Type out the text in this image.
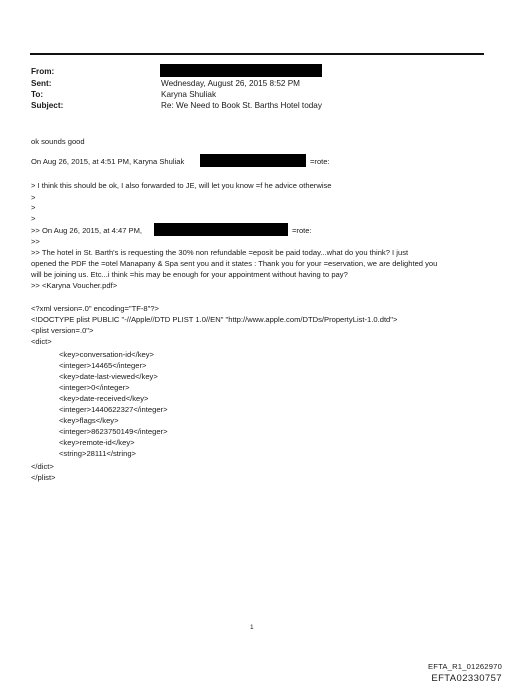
From:
Sent:	Wednesday, August 26, 2015 8:52 PM
To:	Karyna Shuliak
Subject:	Re: We Need to Book St. Barths Hotel today
ok sounds good
On Aug 26, 2015, at 4:51 PM, Karyna Shuliak	=rote:
> I think this should be ok, I also forwarded to JE, will let you know =f he advice otherwise
>
>
>
>> On Aug 26, 2015, at 4:47 PM,	=rote:
>>
>> The hotel in St. Barth's is requesting the 30% non refundable =eposit be paid today...what do you think? I just
opened the PDF the =otel Manapany & Spa sent you and it states : Thank you for your =eservation, we are delighted you
will be joining us. Etc...i think =his may be enough for your appointment without having to pay?
>> <Karyna Voucher.pdf>
<?xml version=.0" encoding="TF-8"?>
<!DOCTYPE plist PUBLIC "-//Apple//DTD PLIST 1.0//EN" "http://www.apple.com/DTDs/PropertyList-1.0.dtd">
<plist version=.0">
<dict>
<key>conversation-id</key>
<integer>14465</integer>
<key>date-last-viewed</key>
<integer>0</integer>
<key>date-received</key>
<integer>1440622327</integer>
<key>flags</key>
<integer>8623750149</integer>
<key>remote-id</key>
<string>28111</string>
</dict>
</plist>
1
EFTA_R1_01262970
EFTA02330757
